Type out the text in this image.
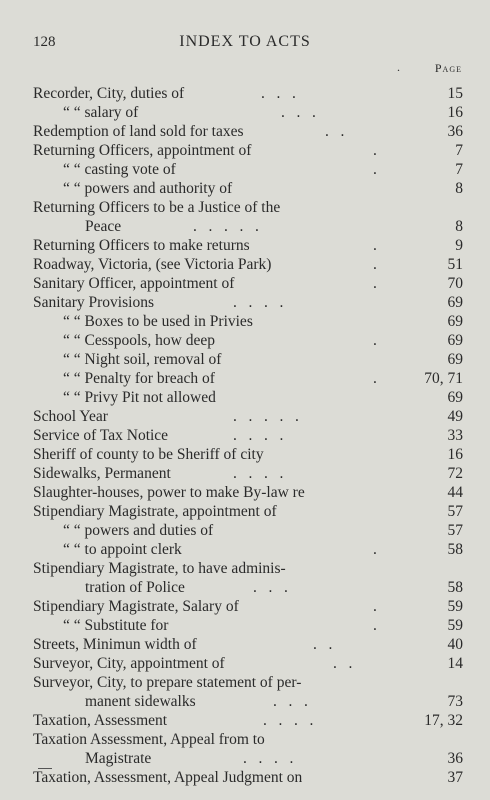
128	INDEX TO ACTS
.	Page
Recorder, City, duties of	.   .   .	15
“ “ salary of	.   .   .	16
Redemption of land sold for taxes	.   .	36
Returning Officers, appointment of	.	7
“ “ casting vote of	.	7
“ “ powers and authority of	8
Returning Officers to be a Justice of the
Peace	.   .   .   .   .	8
Returning Officers to make returns	.	9
Roadway, Victoria, (see Victoria Park)	.	51
Sanitary Officer, appointment of	.	70
Sanitary Provisions	.   .   .   .	69
“ “ Boxes to be used in Privies	69
“ “ Cesspools, how deep	.	69
“ “ Night soil, removal of	69
“ “ Penalty for breach of	.	70, 71
“ “ Privy Pit not allowed	69
School Year	.   .   .   .   .	49
Service of Tax Notice	.   .   .   .	33
Sheriff of county to be Sheriff of city	16
Sidewalks, Permanent	.   .   .   .	72
Slaughter-houses, power to make By-law re	44
Stipendiary Magistrate, appointment of	57
“ “ powers and duties of	57
“ “ to appoint clerk	.	58
Stipendiary Magistrate, to have adminis-
tration of Police	.   .   .	58
Stipendiary Magistrate, Salary of	.	59
“ “ Substitute for	.	59
Streets, Minimun width of	.   .	40
Surveyor, City, appointment of	.   .	14
Surveyor, City, to prepare statement of per-
manent sidewalks	.   .   .	73
Taxation, Assessment	.   .   .   .	17, 32
Taxation Assessment, Appeal from to
Magistrate	.   .   .   .	36
Taxation, Assessment, Appeal Judgment on	37
